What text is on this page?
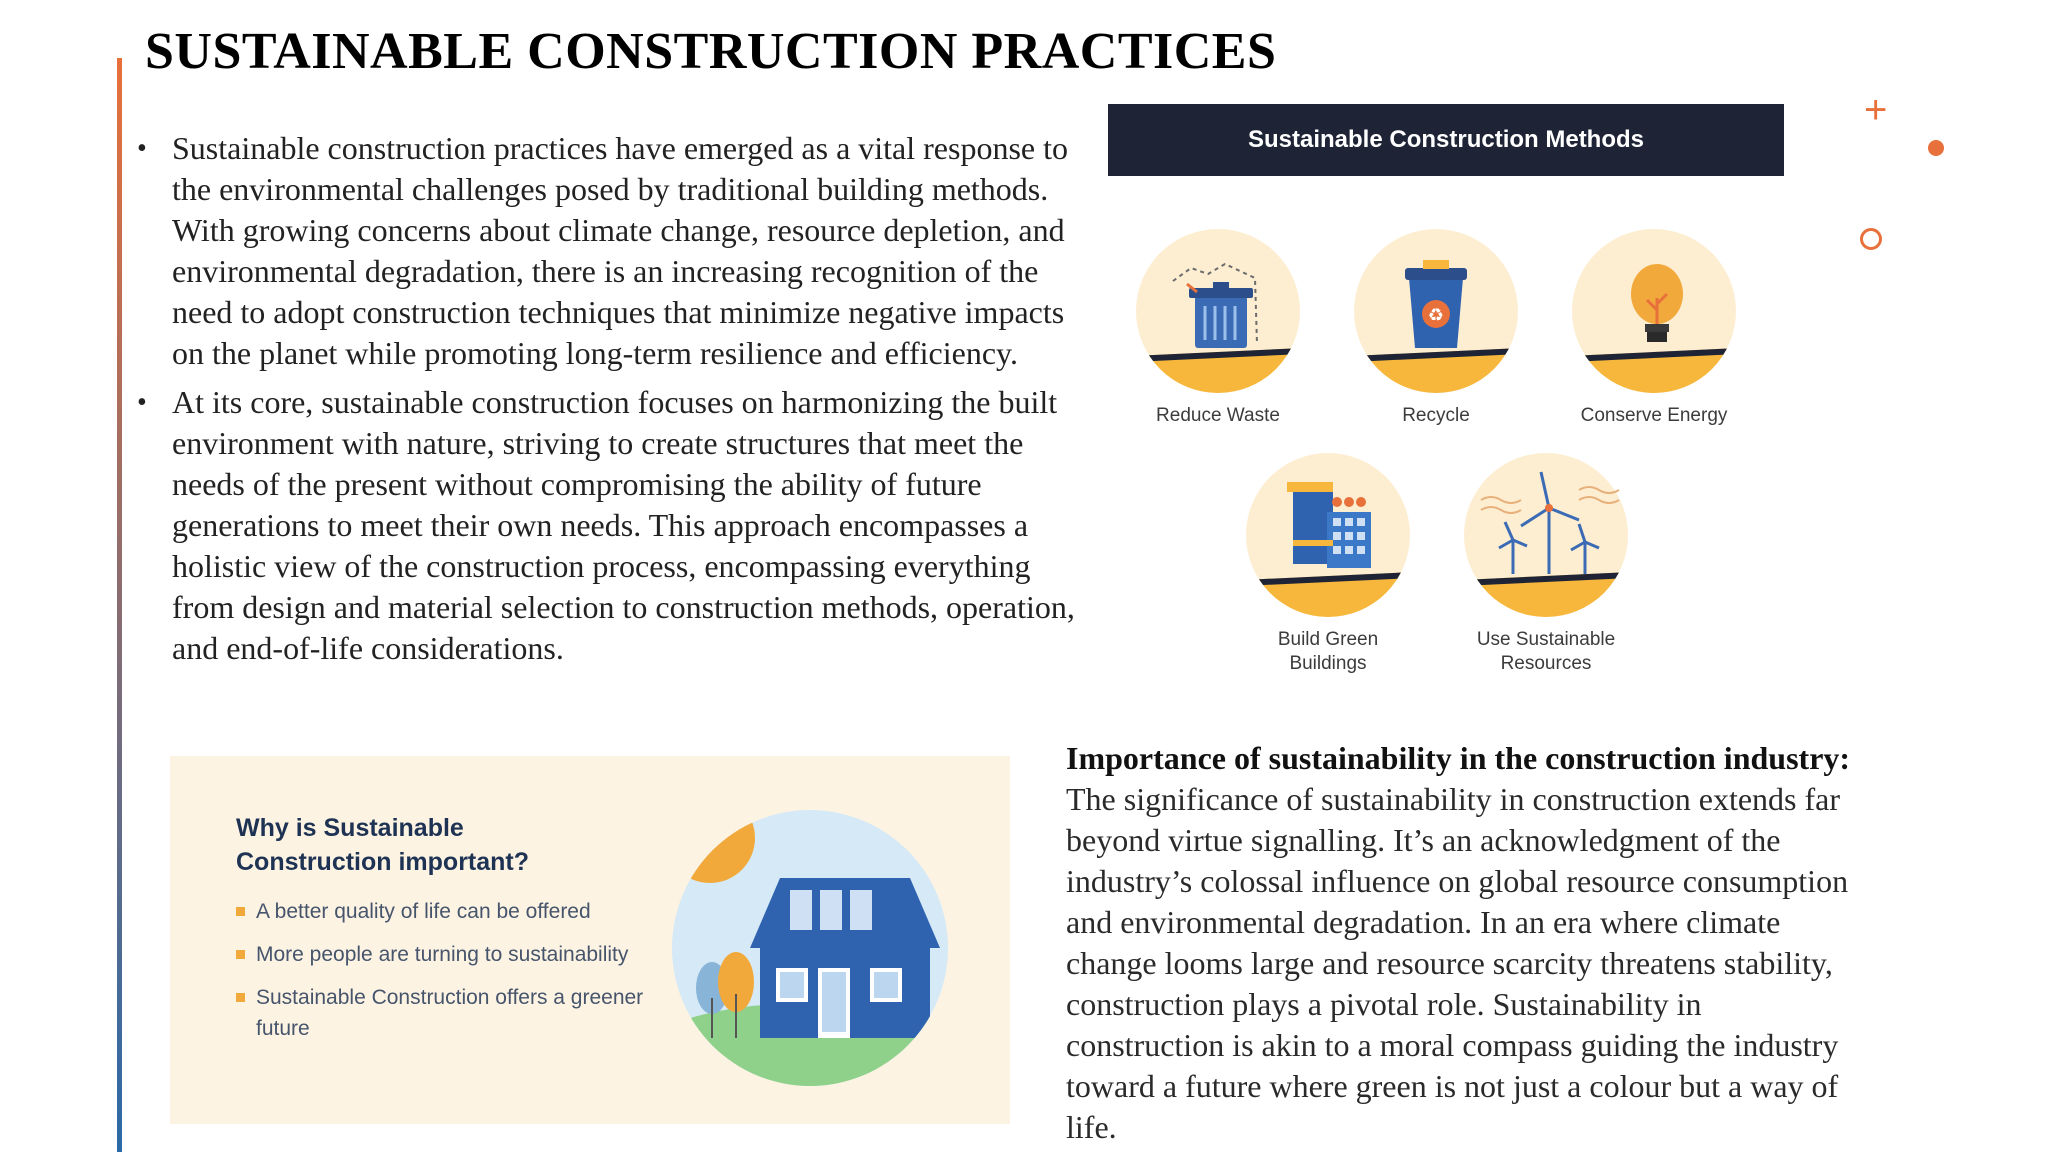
SUSTAINABLE CONSTRUCTION PRACTICES
• Sustainable construction practices have emerged as a vital response to the environmental challenges posed by traditional building methods. With growing concerns about climate change, resource depletion, and environmental degradation, there is an increasing recognition of the need to adopt construction techniques that minimize negative impacts on the planet while promoting long-term resilience and efficiency.
• At its core, sustainable construction focuses on harmonizing the built environment with nature, striving to create structures that meet the needs of the present without compromising the ability of future generations to meet their own needs. This approach encompasses a holistic view of the construction process, encompassing everything from design and material selection to construction methods, operation, and end-of-life considerations.
Sustainable Construction Methods
Reduce Waste
♻
Recycle	Conserve Energy
Build Green
Buildings
Use Sustainable
Resources
Why is Sustainable
Construction important?
A better quality of life can be offered
More people are turning to sustainability
Sustainable Construction offers a greener future

Importance of sustainability in the construction industry: The significance of sustainability in construction extends far beyond virtue signalling. It’s an acknowledgment of the industry’s colossal influence on global resource consumption and environmental degradation. In an era where climate change looms large and resource scarcity threatens stability, construction plays a pivotal role. Sustainability in construction is akin to a moral compass guiding the industry toward a future where green is not just a colour but a way of life.

+
